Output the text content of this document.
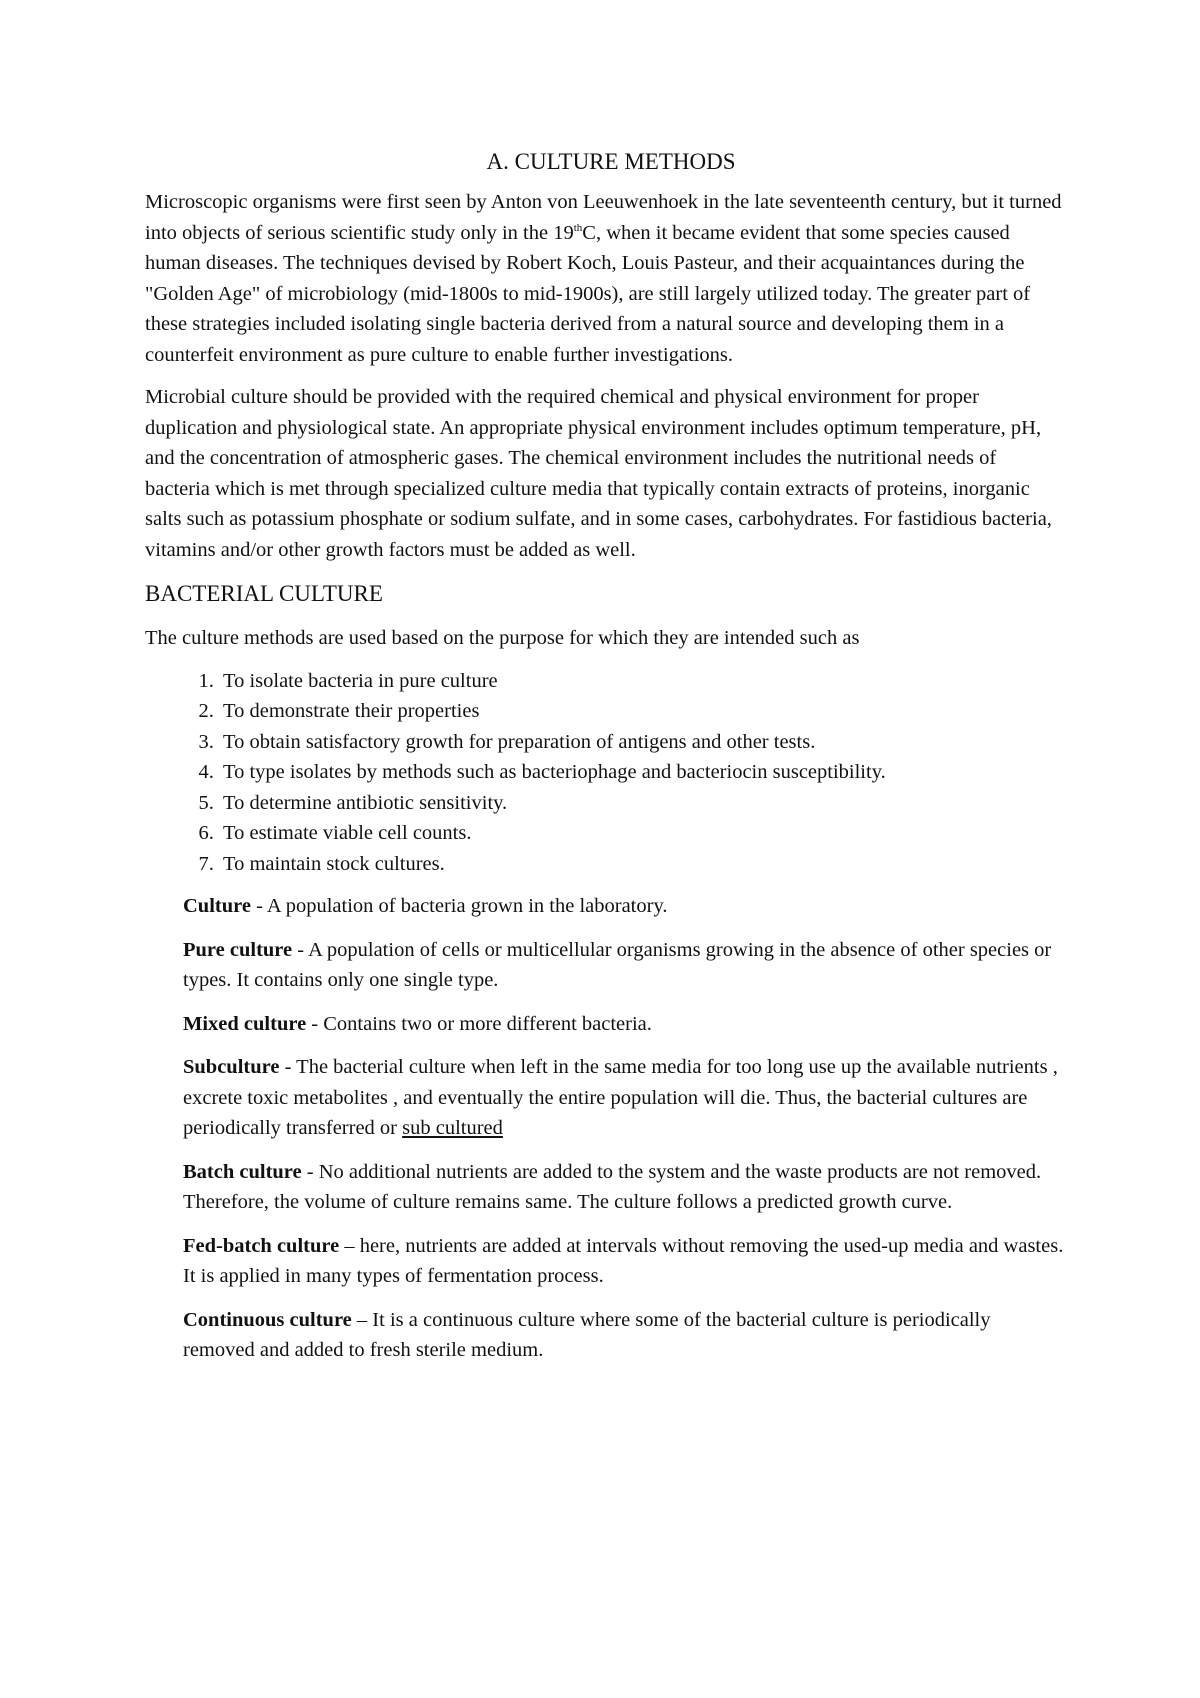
A. CULTURE METHODS

Microscopic organisms were first seen by Anton von Leeuwenhoek in the late seventeenth century, but it turned into objects of serious scientific study only in the 19thC, when it became evident that some species caused human diseases. The techniques devised by Robert Koch, Louis Pasteur, and their acquaintances during the "Golden Age" of microbiology (mid-1800s to mid-1900s), are still largely utilized today. The greater part of these strategies included isolating single bacteria derived from a natural source and developing them in a counterfeit environment as pure culture to enable further investigations.

Microbial culture should be provided with the required chemical and physical environment for proper duplication and physiological state. An appropriate physical environment includes optimum temperature, pH, and the concentration of atmospheric gases. The chemical environment includes the nutritional needs of bacteria which is met through specialized culture media that typically contain extracts of proteins, inorganic salts such as potassium phosphate or sodium sulfate, and in some cases, carbohydrates. For fastidious bacteria, vitamins and/or other growth factors must be added as well.

BACTERIAL CULTURE

The culture methods are used based on the purpose for which they are intended such as

1. To isolate bacteria in pure culture
2. To demonstrate their properties
3. To obtain satisfactory growth for preparation of antigens and other tests.
4. To type isolates by methods such as bacteriophage and bacteriocin susceptibility.
5. To determine antibiotic sensitivity.
6. To estimate viable cell counts.
7. To maintain stock cultures.

Culture - A population of bacteria grown in the laboratory.

Pure culture - A population of cells or multicellular organisms growing in the absence of other species or types. It contains only one single type.

Mixed culture - Contains two or more different bacteria.

Subculture - The bacterial culture when left in the same media for too long use up the available nutrients , excrete toxic metabolites , and eventually the entire population will die. Thus, the bacterial cultures are periodically transferred or sub cultured

Batch culture - No additional nutrients are added to the system and the waste products are not removed. Therefore, the volume of culture remains same. The culture follows a predicted growth curve.

Fed-batch culture – here, nutrients are added at intervals without removing the used-up media and wastes. It is applied in many types of fermentation process.

Continuous culture – It is a continuous culture where some of the bacterial culture is periodically removed and added to fresh sterile medium.
